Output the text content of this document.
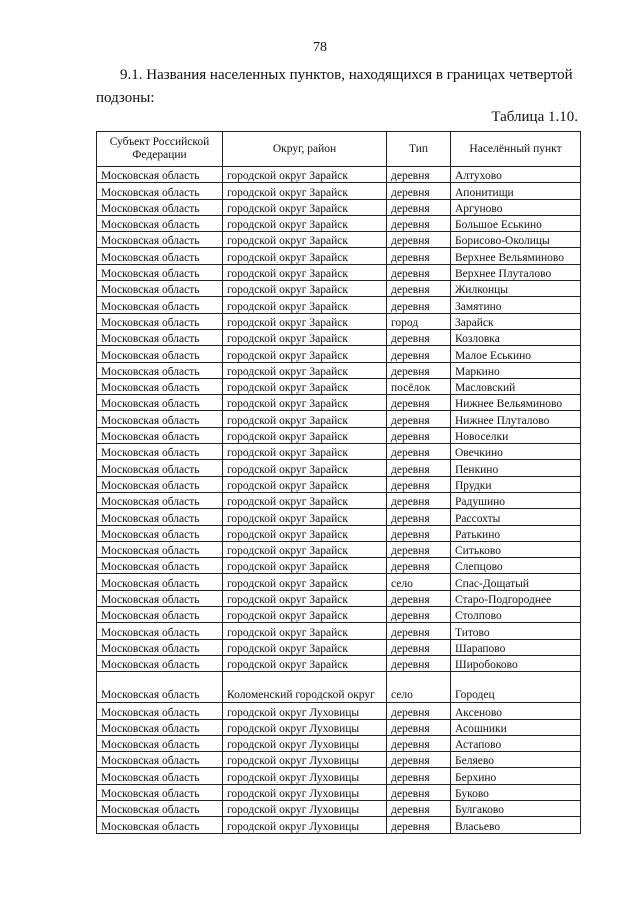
78
9.1. Названия населенных пунктов, находящихся в границах четвертой подзоны:
Таблица 1.10.
Субъект Российской Федерации	Округ, район	Тип	Населённый пункт
Московская область	городской округ Зарайск	деревня	Алтухово
Московская область	городской округ Зарайск	деревня	Апонитищи
Московская область	городской округ Зарайск	деревня	Аргуново
Московская область	городской округ Зарайск	деревня	Большое Еськино
Московская область	городской округ Зарайск	деревня	Борисово-Околицы
Московская область	городской округ Зарайск	деревня	Верхнее Вельяминово
Московская область	городской округ Зарайск	деревня	Верхнее Плуталово
Московская область	городской округ Зарайск	деревня	Жилконцы
Московская область	городской округ Зарайск	деревня	Замятино
Московская область	городской округ Зарайск	город	Зарайск
Московская область	городской округ Зарайск	деревня	Козловка
Московская область	городской округ Зарайск	деревня	Малое Еськино
Московская область	городской округ Зарайск	деревня	Маркино
Московская область	городской округ Зарайск	посёлок	Масловский
Московская область	городской округ Зарайск	деревня	Нижнее Вельяминово
Московская область	городской округ Зарайск	деревня	Нижнее Плуталово
Московская область	городской округ Зарайск	деревня	Новоселки
Московская область	городской округ Зарайск	деревня	Овечкино
Московская область	городской округ Зарайск	деревня	Пенкино
Московская область	городской округ Зарайск	деревня	Прудки
Московская область	городской округ Зарайск	деревня	Радушино
Московская область	городской округ Зарайск	деревня	Рассохты
Московская область	городской округ Зарайск	деревня	Ратькино
Московская область	городской округ Зарайск	деревня	Ситьково
Московская область	городской округ Зарайск	деревня	Слепцово
Московская область	городской округ Зарайск	село	Спас-Дощатый
Московская область	городской округ Зарайск	деревня	Старо-Подгороднее
Московская область	городской округ Зарайск	деревня	Столпово
Московская область	городской округ Зарайск	деревня	Титово
Московская область	городской округ Зарайск	деревня	Шарапово
Московская область	городской округ Зарайск	деревня	Широбоково
Московская область	Коломенский городской округ	село	Городец
Московская область	городской округ Луховицы	деревня	Аксеново
Московская область	городской округ Луховицы	деревня	Асошники
Московская область	городской округ Луховицы	деревня	Астапово
Московская область	городской округ Луховицы	деревня	Беляево
Московская область	городской округ Луховицы	деревня	Берхино
Московская область	городской округ Луховицы	деревня	Буково
Московская область	городской округ Луховицы	деревня	Булгаково
Московская область	городской округ Луховицы	деревня	Власьево
